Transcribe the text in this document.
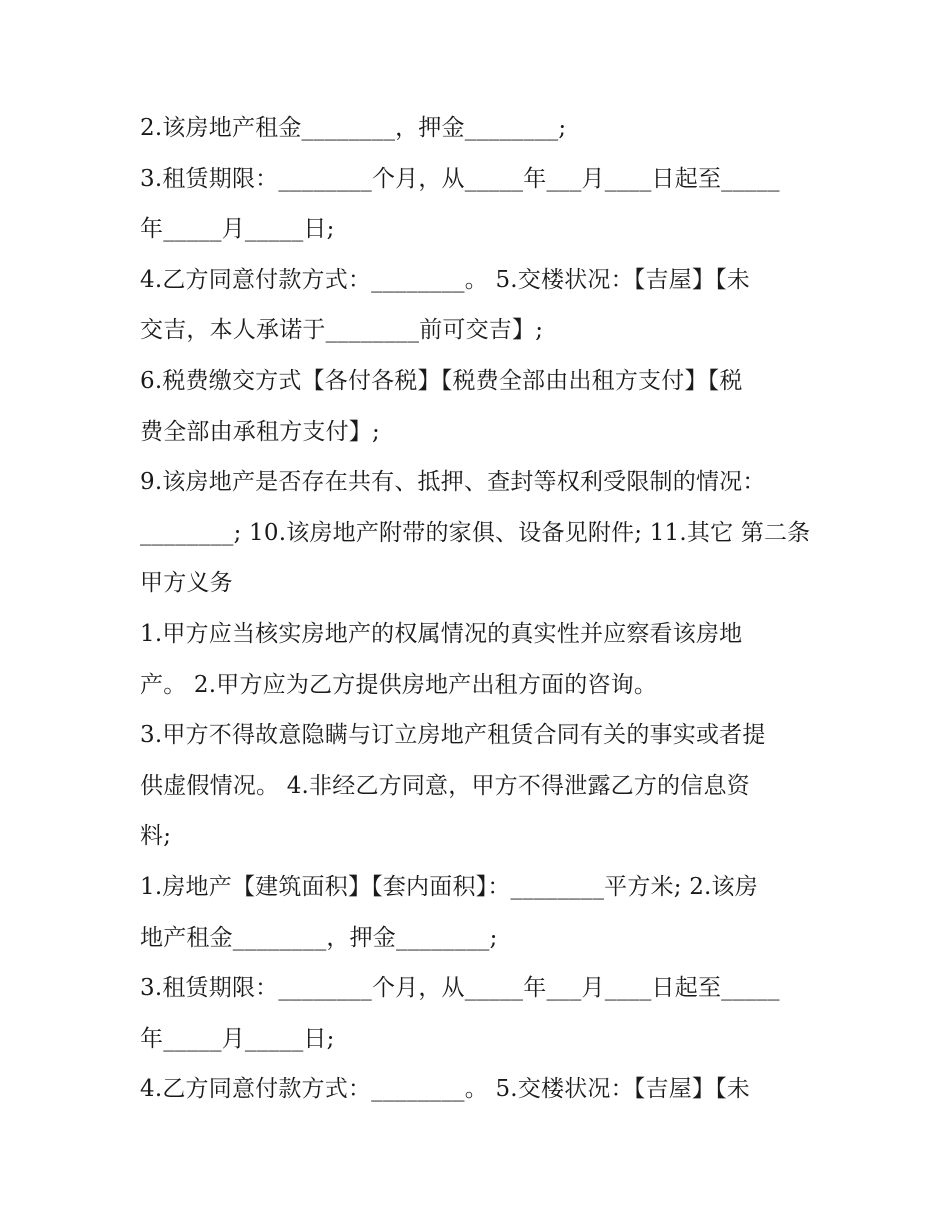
2.该房地产租金________，押金________;
3.租赁期限：________个月，从_____年___月____日起至_____
年_____月_____日;
4.乙方同意付款方式：________。 5.交楼状况：【吉屋】【未
交吉，本人承诺于________前可交吉】;
6.税费缴交方式【各付各税】【税费全部由出租方支付】【税
费全部由承租方支付】;
9.该房地产是否存在共有、抵押、查封等权利受限制的情况：
________; 10.该房地产附带的家俱、设备见附件; 11.其它 第二条
甲方义务
1.甲方应当核实房地产的权属情况的真实性并应察看该房地
产。 2.甲方应为乙方提供房地产出租方面的咨询。
3.甲方不得故意隐瞒与订立房地产租赁合同有关的事实或者提
供虚假情况。 4.非经乙方同意，甲方不得泄露乙方的信息资
料;
1.房地产【建筑面积】【套内面积】：________平方米; 2.该房
地产租金________，押金________;
3.租赁期限：________个月，从_____年___月____日起至_____
年_____月_____日;
4.乙方同意付款方式：________。 5.交楼状况：【吉屋】【未
